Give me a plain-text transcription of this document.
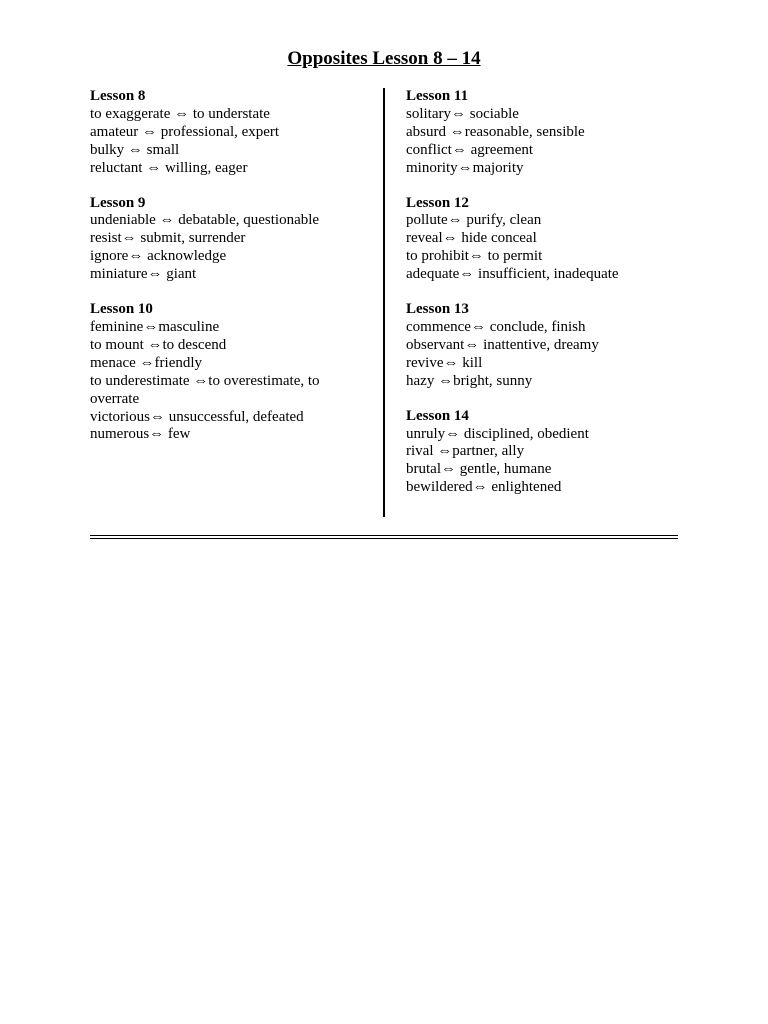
Opposites Lesson 8 – 14

Lesson 8

to exaggerate ⇔ to understate

amateur ⇔ professional, expert

bulky ⇔ small

reluctant ⇔ willing, eager

Lesson 9

undeniable ⇔ debatable, questionable

resist⇔ submit, surrender

ignore⇔ acknowledge

miniature⇔ giant

Lesson 10

feminine⇔masculine

to mount ⇔to descend

menace ⇔friendly

to underestimate ⇔to overestimate, to overrate

victorious⇔ unsuccessful, defeated

numerous⇔ few

Lesson 11

solitary⇔ sociable

absurd ⇔reasonable, sensible

conflict⇔ agreement

minority⇔majority

Lesson 12

pollute⇔ purify, clean

reveal⇔ hide conceal

to prohibit⇔ to permit

adequate⇔ insufficient, inadequate

Lesson 13

commence⇔ conclude, finish

observant⇔ inattentive, dreamy

revive⇔ kill

hazy ⇔bright, sunny

Lesson 14

unruly⇔ disciplined, obedient

rival ⇔partner, ally

brutal⇔ gentle, humane

bewildered⇔ enlightened
